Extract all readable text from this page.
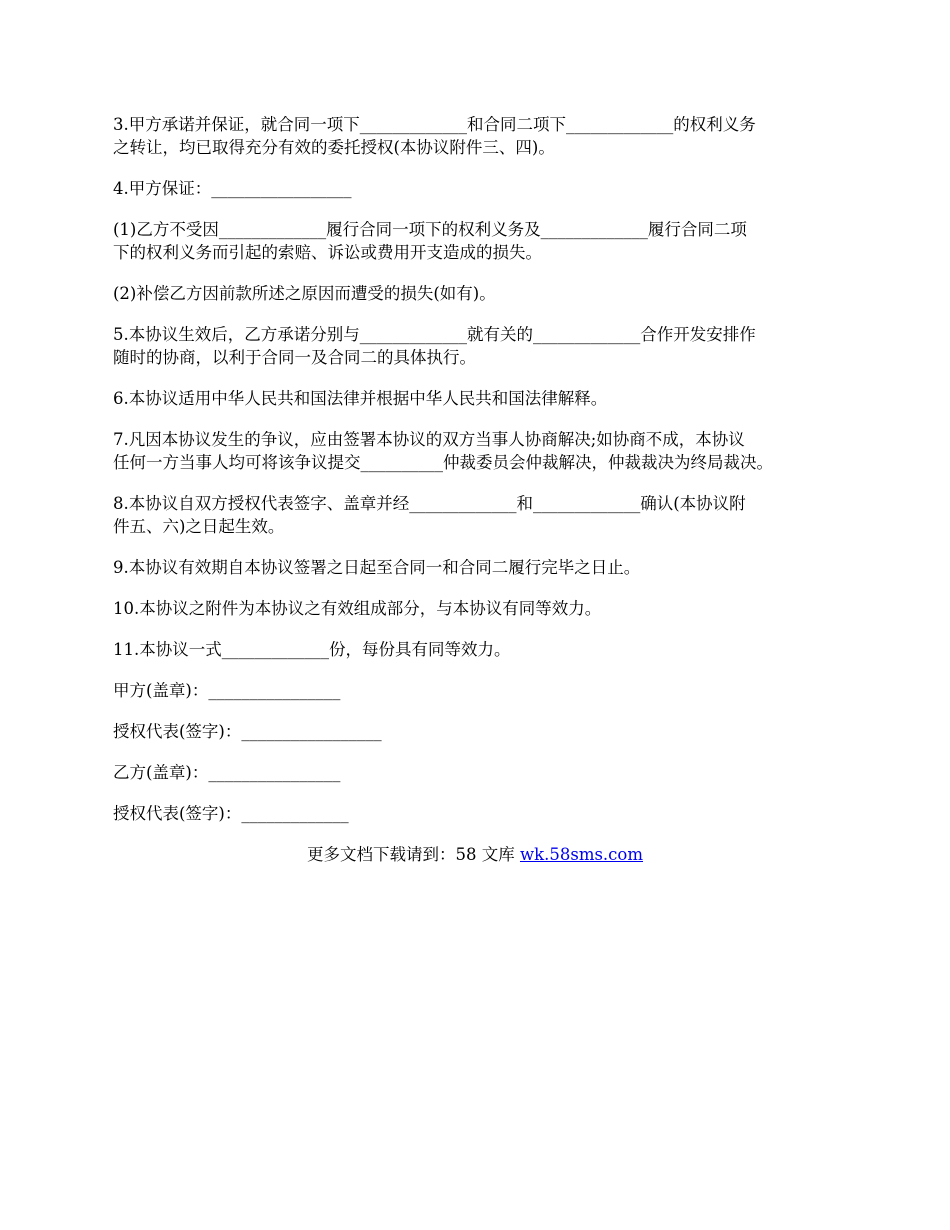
3.甲方承诺并保证，就合同一项下_____________和合同二项下_____________的权利义务
之转让，均已取得充分有效的委托授权(本协议附件三、四)。
4.甲方保证：_________________
(1)乙方不受因_____________履行合同一项下的权利义务及_____________履行合同二项
下的权利义务而引起的索赔、诉讼或费用开支造成的损失。
(2)补偿乙方因前款所述之原因而遭受的损失(如有)。
5.本协议生效后，乙方承诺分别与_____________就有关的_____________合作开发安排作
随时的协商，以利于合同一及合同二的具体执行。
6.本协议适用中华人民共和国法律并根据中华人民共和国法律解释。
7.凡因本协议发生的争议，应由签署本协议的双方当事人协商解决;如协商不成，本协议
任何一方当事人均可将该争议提交__________仲裁委员会仲裁解决，仲裁裁决为终局裁决。
8.本协议自双方授权代表签字、盖章并经_____________和_____________确认(本协议附
件五、六)之日起生效。
9.本协议有效期自本协议签署之日起至合同一和合同二履行完毕之日止。
10.本协议之附件为本协议之有效组成部分，与本协议有同等效力。
11.本协议一式_____________份，每份具有同等效力。
甲方(盖章)：________________
授权代表(签字)：_________________
乙方(盖章)：________________
授权代表(签字)：_____________
更多文档下载请到：58 文库 wk.58sms.com
